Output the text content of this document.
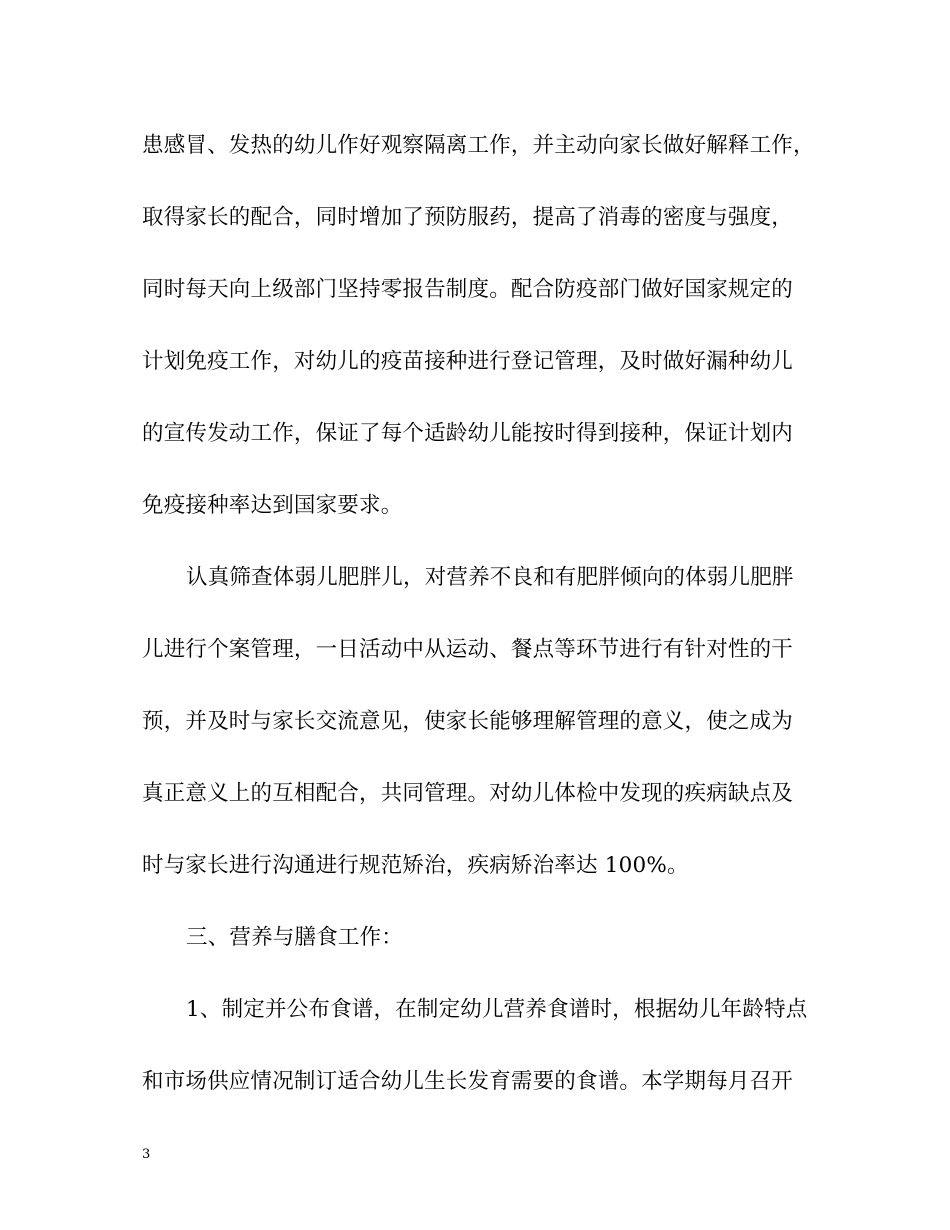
患感冒、发热的幼儿作好观察隔离工作，并主动向家长做好解释工作，
取得家长的配合，同时增加了预防服药，提高了消毒的密度与强度，
同时每天向上级部门坚持零报告制度。配合防疫部门做好国家规定的
计划免疫工作，对幼儿的疫苗接种进行登记管理，及时做好漏种幼儿
的宣传发动工作，保证了每个适龄幼儿能按时得到接种，保证计划内
免疫接种率达到国家要求。
认真筛查体弱儿肥胖儿，对营养不良和有肥胖倾向的体弱儿肥胖
儿进行个案管理，一日活动中从运动、餐点等环节进行有针对性的干
预，并及时与家长交流意见，使家长能够理解管理的意义，使之成为
真正意义上的互相配合，共同管理。对幼儿体检中发现的疾病缺点及
时与家长进行沟通进行规范矫治，疾病矫治率达 100%。
三、营养与膳食工作：
1、制定并公布食谱，在制定幼儿营养食谱时，根据幼儿年龄特点
和市场供应情况制订适合幼儿生长发育需要的食谱。本学期每月召开
3
